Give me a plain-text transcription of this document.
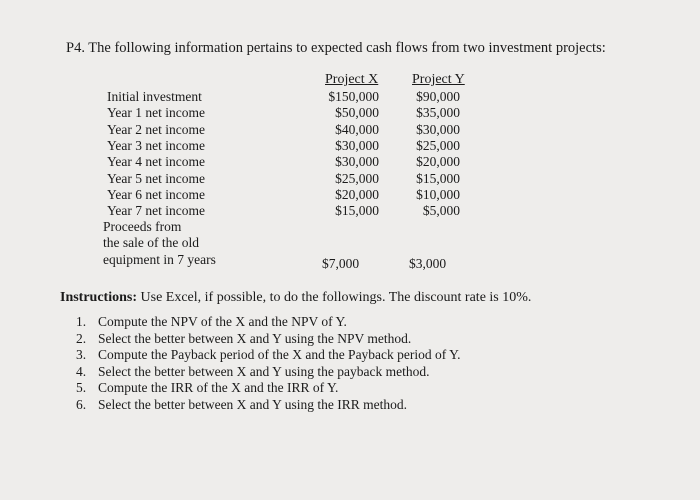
P4. The following information pertains to expected cash flows from two investment projects:
Project X Project Y
Initial investment	$150,000	$90,000
Year 1 net income	$50,000	$35,000
Year 2 net income	$40,000	$30,000
Year 3 net income	$30,000	$25,000
Year 4 net income	$30,000	$20,000
Year 5 net income	$25,000	$15,000
Year 6 net income	$20,000	$10,000
Year 7 net income	$15,000	$5,000
Proceeds from
the sale of the old
equipment in 7 years	$7,000	$3,000
Instructions: Use Excel, if possible, to do the followings. The discount rate is 10%.
1. Compute the NPV of the X and the NPV of Y.
2. Select the better between X and Y using the NPV method.
3. Compute the Payback period of the X and the Payback period of Y.
4. Select the better between X and Y using the payback method.
5. Compute the IRR of the X and the IRR of Y.
6. Select the better between X and Y using the IRR method.
